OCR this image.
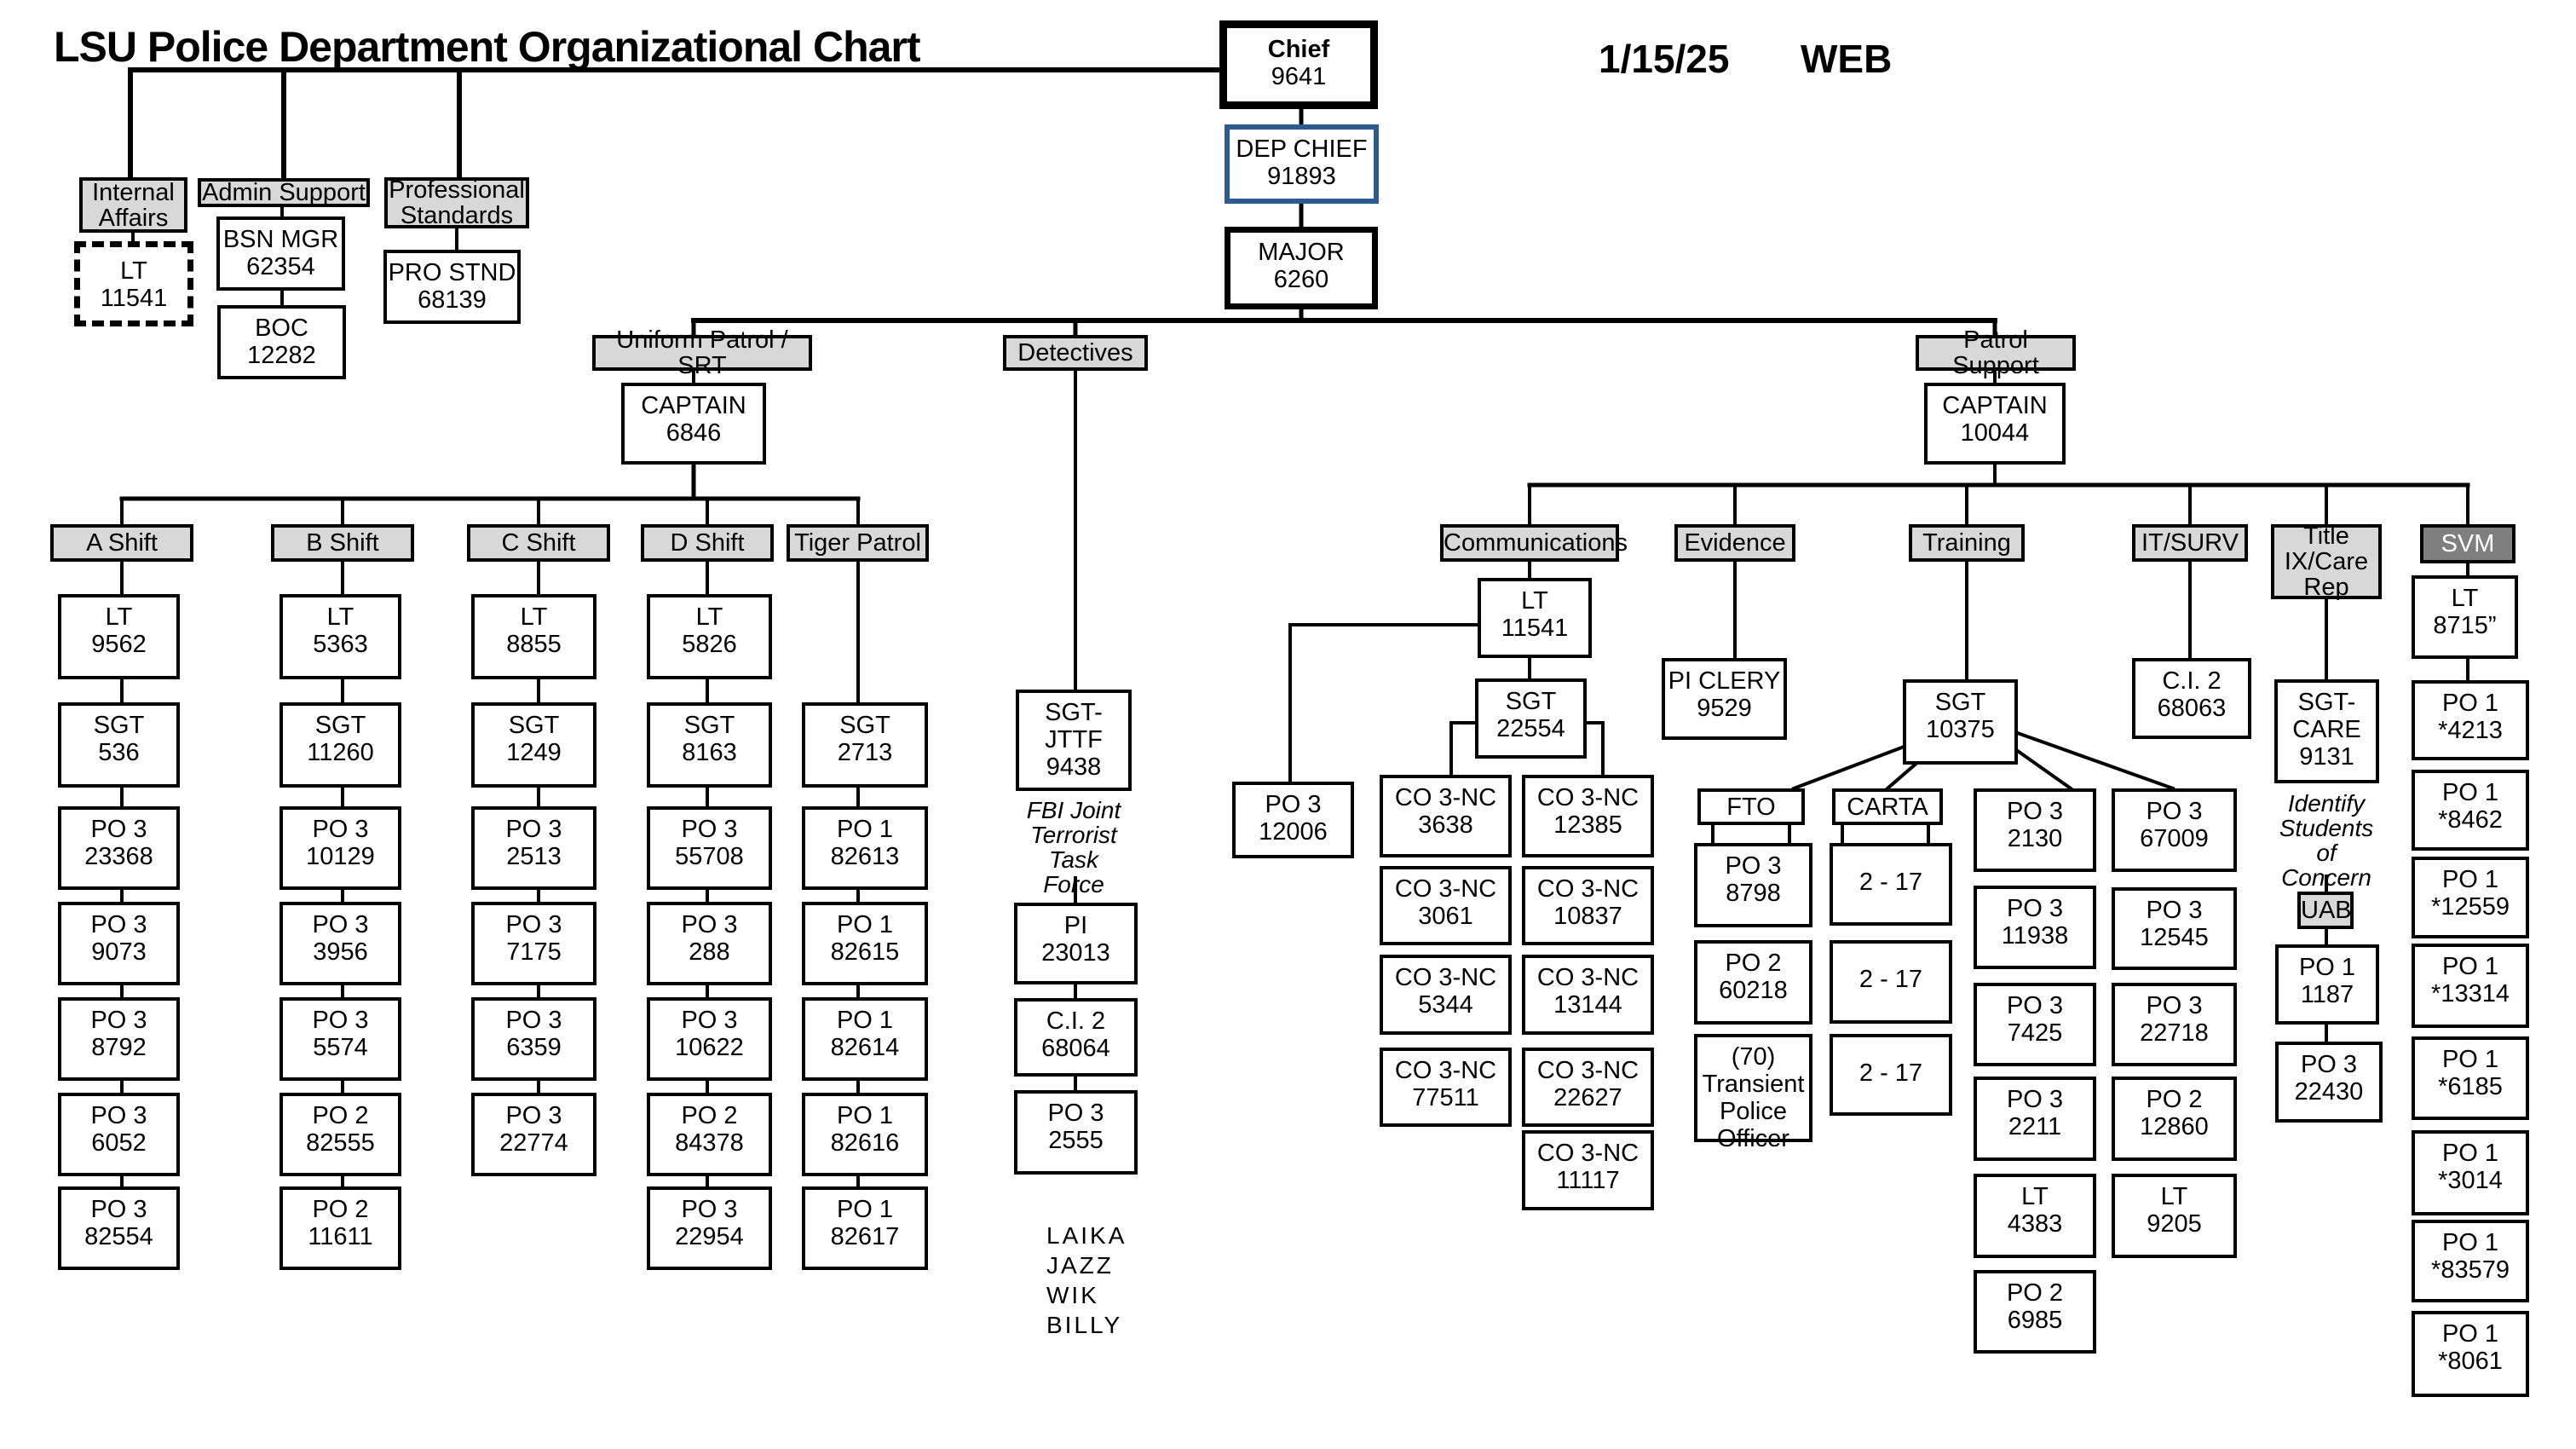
LSU Police Department Organizational Chart	1/15/25 WEB
Chief
9641
DEP CHIEF
91893
MAJOR
6260
Internal
Affairs
LT
11541
Admin Support
BSN MGR
62354
BOC
12282
Professional
Standards
PRO STND
68139
Uniform Patrol / SRT
CAPTAIN
6846
Detectives	Patrol Support
CAPTAIN
10044
A Shift	B Shift	C Shift	D Shift	Tiger Patrol
LT
9562
SGT
536
PO 3
23368
PO 3
9073
PO 3
8792
PO 3
6052
PO 3
82554
LT
5363
SGT
11260
PO 3
10129
PO 3
3956
PO 3
5574
PO 2
82555
PO 2
11611
LT
8855
SGT
1249
PO 3
2513
PO 3
7175
PO 3
6359
PO 3
22774
LT
5826
SGT
8163
PO 3
55708
PO 3
288
PO 3
10622
PO 2
84378
PO 3
22954
SGT
2713
PO 1
82613
PO 1
82615
PO 1
82614
PO 1
82616
PO 1
82617
SGT-
JTTF
9438
FBI Joint
Terrorist
Task
Force
PI
23013
C.I. 2
68064
PO 3
2555
LAIKA
JAZZ
WIK
BILLY
Communications
LT
11541
SGT
22554
PO 3
12006
CO 3-NC
3638
CO 3-NC
3061
CO 3-NC
5344
CO 3-NC
77511
CO 3-NC
12385
CO 3-NC
10837
CO 3-NC
13144
CO 3-NC
22627
CO 3-NC
11117
Evidence
PI CLERY
9529
Training
SGT
10375
FTO	CARTA
PO 3
8798
PO 2
60218
(70)
Transient
Police
Officer
2 - 17
2 - 17
2 - 17
PO 3
2130
PO 3
11938
PO 3
7425
PO 3
2211
LT
4383
PO 2
6985
PO 3
67009
PO 3
12545
PO 3
22718
PO 2
12860
LT
9205
IT/SURV
C.I. 2
68063
Title
IX/Care
Rep
SGT-
CARE
9131
Identify
Students
of
Concern
UAB
PO 1
1187
PO 3
22430
SVM
LT
8715”
PO 1
*4213
PO 1
*8462
PO 1
*12559
PO 1
*13314
PO 1
*6185
PO 1
*3014
PO 1
*83579
PO 1
*8061
